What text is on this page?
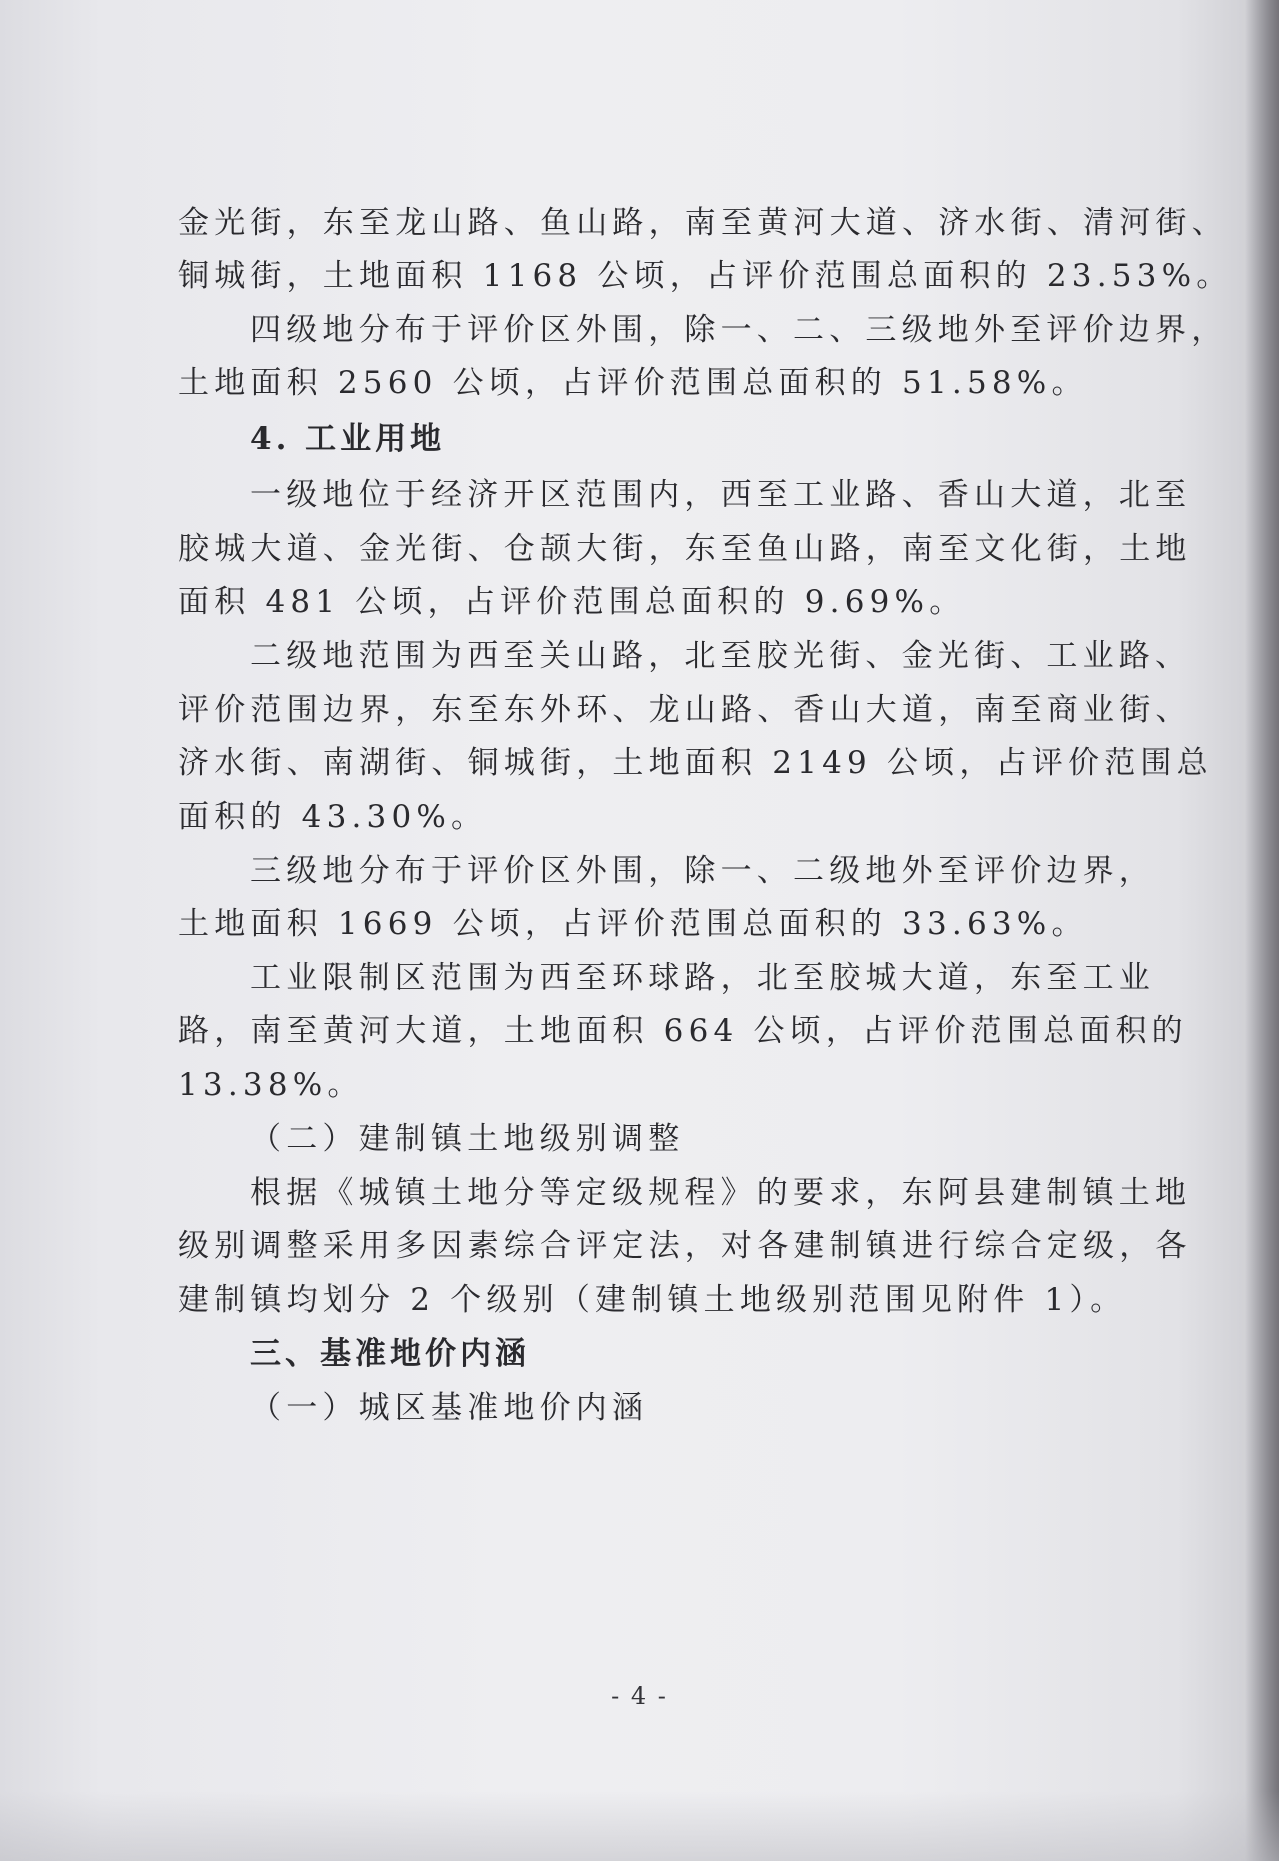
金光街，东至龙山路、鱼山路，南至黄河大道、济水街、清河街、
铜城街，土地面积 1168 公顷，占评价范围总面积的 23.53%。
四级地分布于评价区外围，除一、二、三级地外至评价边界，
土地面积 2560 公顷，占评价范围总面积的 51.58%。
4. 工业用地
一级地位于经济开区范围内，西至工业路、香山大道，北至
胶城大道、金光街、仓颉大街，东至鱼山路，南至文化街，土地
面积 481 公顷，占评价范围总面积的 9.69%。
二级地范围为西至关山路，北至胶光街、金光街、工业路、
评价范围边界，东至东外环、龙山路、香山大道，南至商业街、
济水街、南湖街、铜城街，土地面积 2149 公顷，占评价范围总
面积的 43.30%。
三级地分布于评价区外围，除一、二级地外至评价边界，
土地面积 1669 公顷，占评价范围总面积的 33.63%。
工业限制区范围为西至环球路，北至胶城大道，东至工业
路，南至黄河大道，土地面积 664 公顷，占评价范围总面积的
13.38%。
（二）建制镇土地级别调整
根据《城镇土地分等定级规程》的要求，东阿县建制镇土地
级别调整采用多因素综合评定法，对各建制镇进行综合定级，各
建制镇均划分 2 个级别（建制镇土地级别范围见附件 1）。
三、基准地价内涵
（一）城区基准地价内涵
- 4 -
